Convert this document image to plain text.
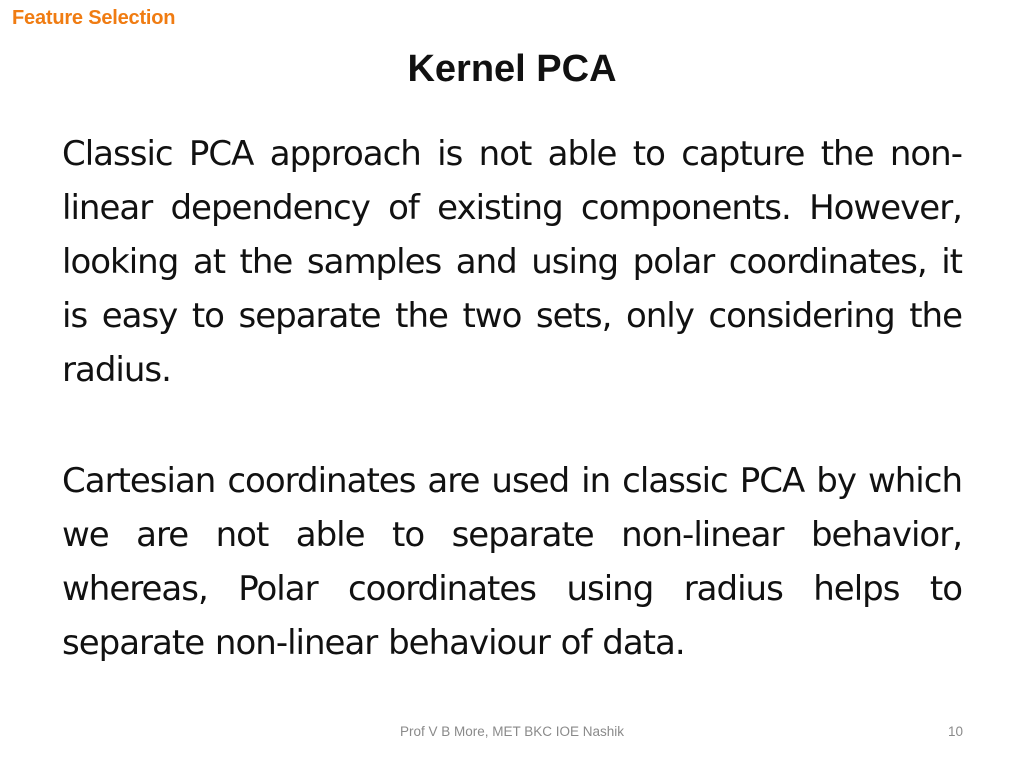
Feature Selection
Kernel PCA
Classic PCA approach is not able to capture the non-linear dependency of existing components. However, looking at the samples and using polar coordinates, it is easy to separate the two sets, only considering the radius.
Cartesian coordinates are used in classic PCA by which we are not able to separate non-linear behavior, whereas, Polar coordinates using radius helps to separate non-linear behaviour of data.
Prof V B More, MET BKC IOE Nashik	10
